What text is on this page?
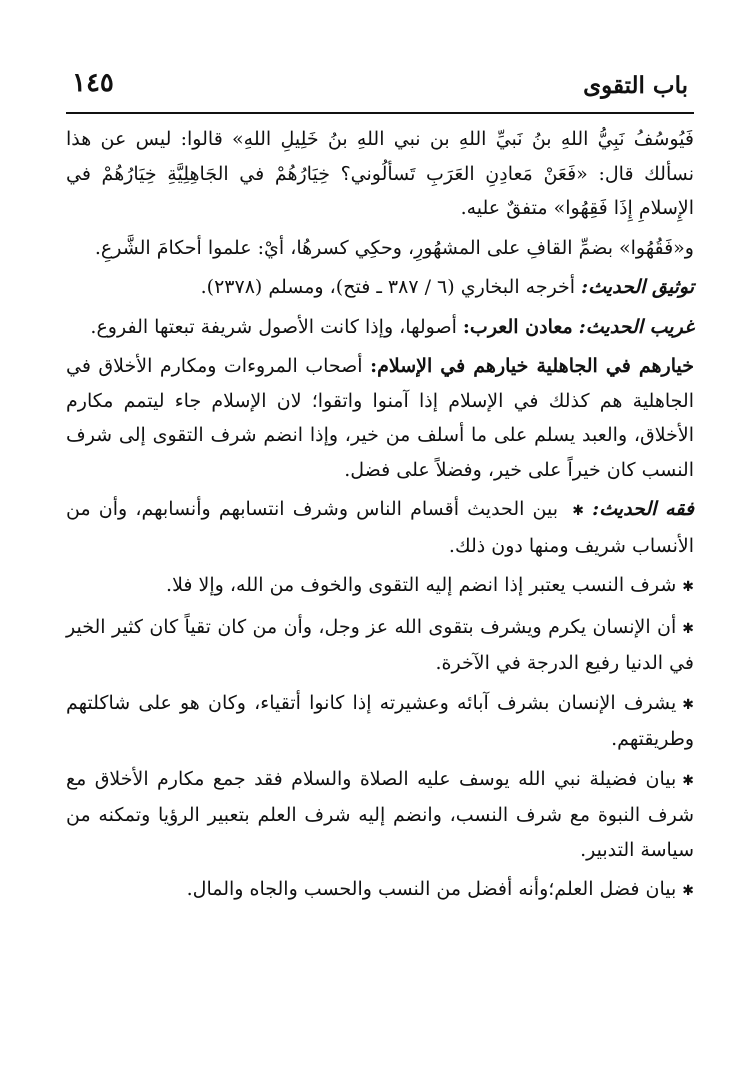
١٤٥	باب التقوى

فَيُوسُفُ نَبِيُّ اللهِ بنُ نَبيِّ اللهِ بن نبي اللهِ بنُ خَلِيلِ اللهِ» قالوا: ليس عن هذا نسألك قال: «فَعَنْ مَعادِنِ العَرَبِ تَسألُوني؟ خِيَارُهُمْ في الجَاهِلِيَّةِ خِيَارُهُمْ في الإِسلامِ إِذَا فَقِهُوا» متفقٌ عليه.

و«فَقُهُوا» بضمِّ القافِ على المشهُورِ، وحكِي كسرهُا، أيْ: علموا أحكامَ الشَّرعِ.

توثيق الحديث: أخرجه البخاري (٦ / ٣٨٧ ـ فتح)، ومسلم (٢٣٧٨).

غريب الحديث: معادن العرب: أصولها، وإذا كانت الأصول شريفة تبعتها الفروع.

خيارهم في الجاهلية خيارهم في الإسلام: أصحاب المروءات ومكارم الأخلاق في الجاهلية هم كذلك في الإسلام إذا آمنوا واتقوا؛ لان الإسلام جاء ليتمم مكارم الأخلاق، والعبد يسلم على ما أسلف من خير، وإذا انضم شرف التقوى إلى شرف النسب كان خيراً على خير، وفضلاً على فضل.

فقه الحديث: ✱ بين الحديث أقسام الناس وشرف انتسابهم وأنسابهم، وأن من الأنساب شريف ومنها دون ذلك.

✱شرف النسب يعتبر إذا انضم إليه التقوى والخوف من الله، وإلا فلا.

✱أن الإنسان يكرم ويشرف بتقوى الله عز وجل، وأن من كان تقياً كان كثير الخير في الدنيا رفيع الدرجة في الآخرة.

✱يشرف الإنسان بشرف آبائه وعشيرته إذا كانوا أتقياء، وكان هو على شاكلتهم وطريقتهم.

✱بيان فضيلة نبي الله يوسف عليه الصلاة والسلام فقد جمع مكارم الأخلاق مع شرف النبوة مع شرف النسب، وانضم إليه شرف العلم بتعبير الرؤيا وتمكنه من سياسة التدبير.

✱بيان فضل العلم؛وأنه أفضل من النسب والحسب والجاه والمال.
